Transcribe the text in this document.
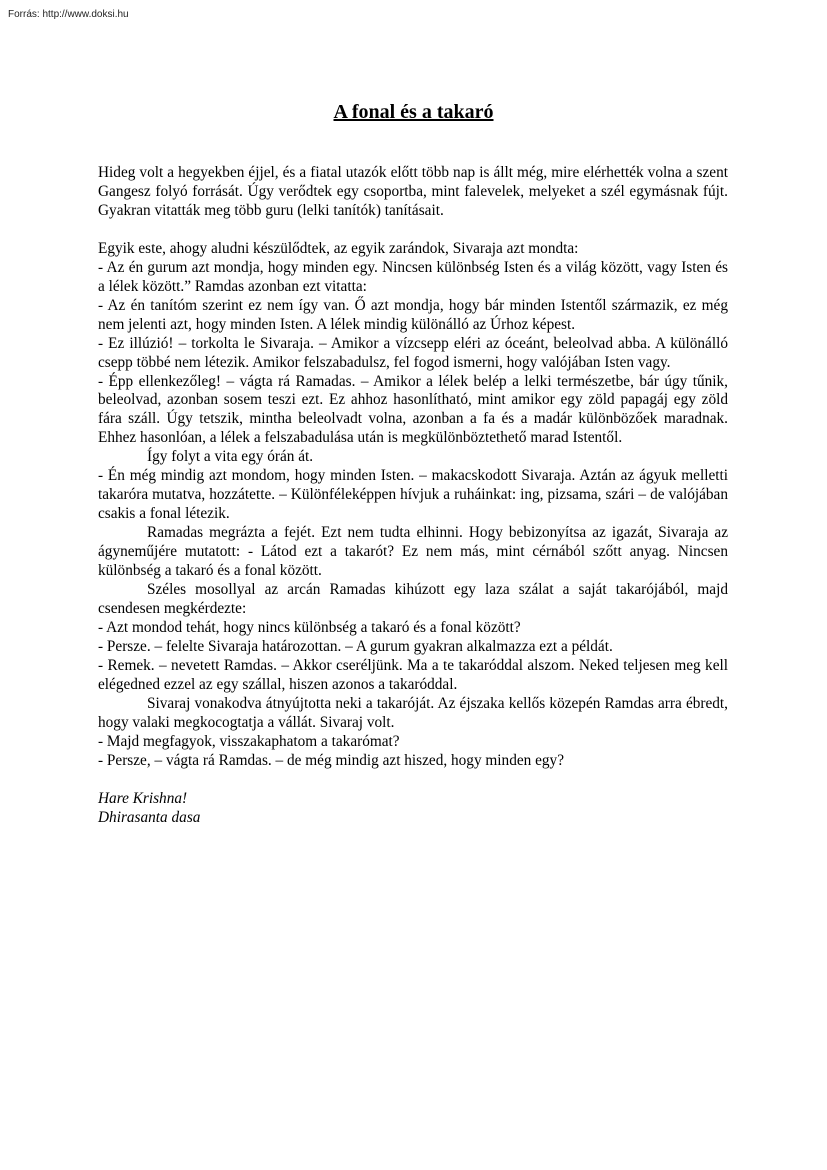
Forrás: http://www.doksi.hu
A fonal és a takaró

Hideg volt a hegyekben éjjel, és a fiatal utazók előtt több nap is állt még, mire elérhették volna a szent Gangesz folyó forrását. Úgy verődtek egy csoportba, mint falevelek, melyeket a szél egymásnak fújt. Gyakran vitatták meg több guru (lelki tanítók) tanításait.

Egyik este, ahogy aludni készülődtek, az egyik zarándok, Sivaraja azt mondta:

- Az én gurum azt mondja, hogy minden egy. Nincsen különbség Isten és a világ között, vagy Isten és a lélek között.” Ramdas azonban ezt vitatta:

- Az én tanítóm szerint ez nem így van. Ő azt mondja, hogy bár minden Istentől származik, ez még nem jelenti azt, hogy minden Isten. A lélek mindig különálló az Úrhoz képest.

- Ez illúzió! – torkolta le Sivaraja. – Amikor a vízcsepp eléri az óceánt, beleolvad abba. A különálló csepp többé nem létezik. Amikor felszabadulsz, fel fogod ismerni, hogy valójában Isten vagy.

- Épp ellenkezőleg! – vágta rá Ramadas. – Amikor a lélek belép a lelki természetbe, bár úgy tűnik, beleolvad, azonban sosem teszi ezt. Ez ahhoz hasonlítható, mint amikor egy zöld papagáj egy zöld fára száll. Úgy tetszik, mintha beleolvadt volna, azonban a fa és a madár különbözőek maradnak. Ehhez hasonlóan, a lélek a felszabadulása után is megkülönböztethető marad Istentől.

Így folyt a vita egy órán át.

- Én még mindig azt mondom, hogy minden Isten. – makacskodott Sivaraja. Aztán az ágyuk melletti takaróra mutatva, hozzátette. – Különféleképpen hívjuk a ruháinkat: ing, pizsama, szári – de valójában csakis a fonal létezik.

Ramadas megrázta a fejét. Ezt nem tudta elhinni. Hogy bebizonyítsa az igazát, Sivaraja az ágyneműjére mutatott: - Látod ezt a takarót? Ez nem más, mint cérnából szőtt anyag. Nincsen különbség a takaró és a fonal között.

Széles mosollyal az arcán Ramadas kihúzott egy laza szálat a saját takarójából, majd csendesen megkérdezte:

- Azt mondod tehát, hogy nincs különbség a takaró és a fonal között?

- Persze. – felelte Sivaraja határozottan. – A gurum gyakran alkalmazza ezt a példát.

- Remek. – nevetett Ramdas. – Akkor cseréljünk. Ma a te takaróddal alszom. Neked teljesen meg kell elégedned ezzel az egy szállal, hiszen azonos a takaróddal.

Sivaraj vonakodva átnyújtotta neki a takaróját. Az éjszaka kellős közepén Ramdas arra ébredt, hogy valaki megkocogtatja a vállát. Sivaraj volt.

- Majd megfagyok, visszakaphatom a takarómat?

- Persze, – vágta rá Ramdas. – de még mindig azt hiszed, hogy minden egy?

Hare Krishna!

Dhirasanta dasa
